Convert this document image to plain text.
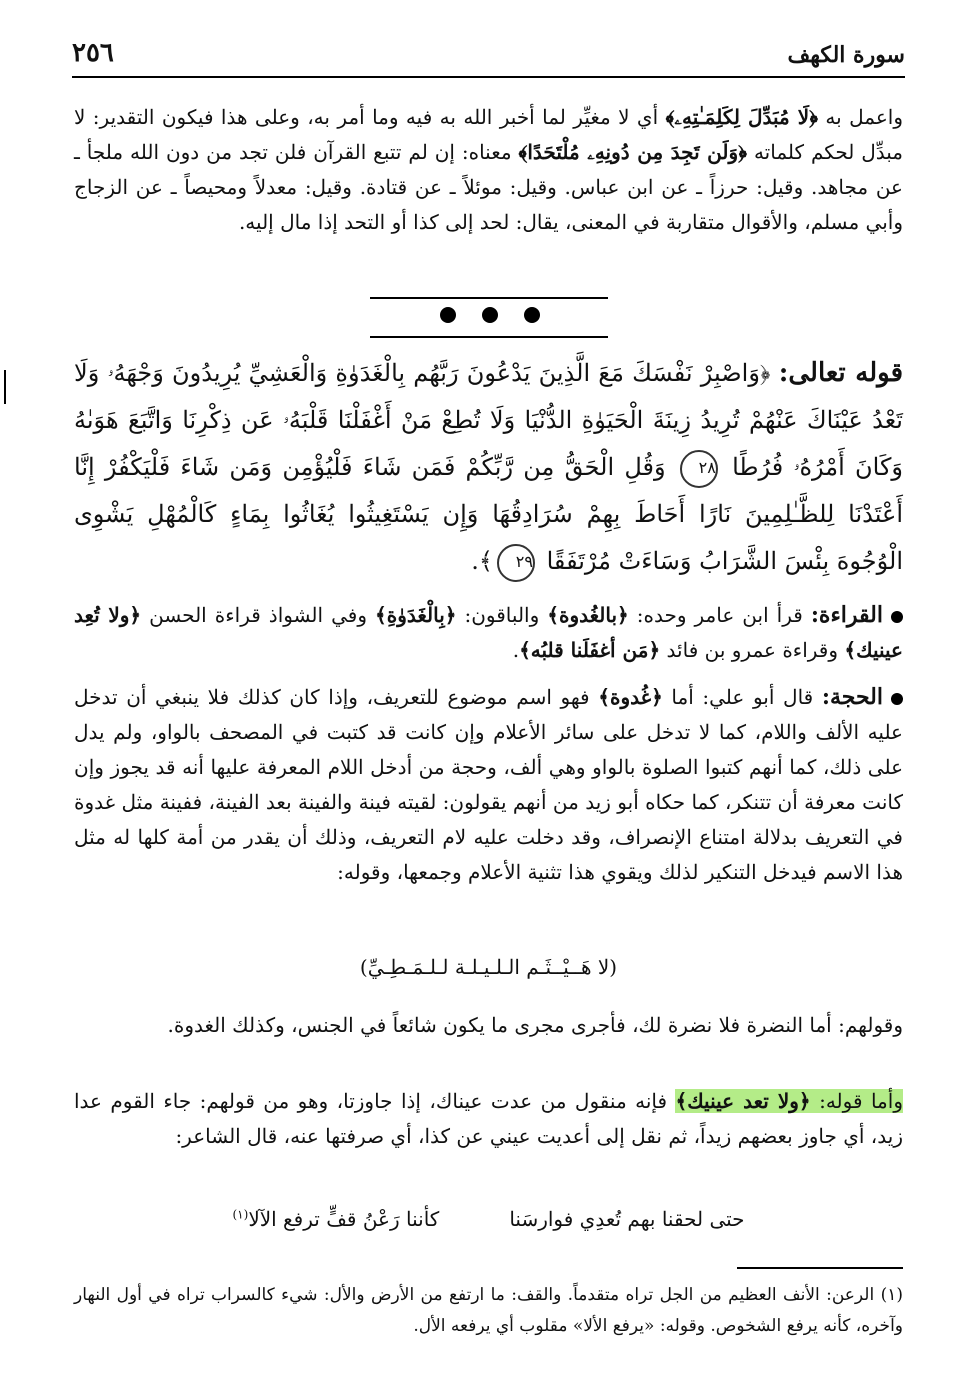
سورة الكهف
٢٥٦
واعمل به ﴿لَا مُبَدِّلَ لِكَلِمَـٰتِهِۦ﴾ أي لا مغيِّر لما أخبر الله به فيه وما أمر به، وعلى هذا فيكون التقدير: لا مبدِّل لحكم كلماته ﴿وَلَن تَجِدَ مِن دُونِهِۦ مُلْتَحَدًا﴾ معناه: إن لم تتبع القرآن فلن تجد من دون الله ملجأ ـ عن مجاهد. وقيل: حرزاً ـ عن ابن عباس. وقيل: موئلاً ـ عن قتادة. وقيل: معدلاً ومحيصاً ـ عن الزجاج وأبي مسلم، والأقوال متقاربة في المعنى، يقال: لحد إلى كذا أو التحد إذا مال إليه.
قوله تعالى: ﴿وَاصْبِرْ نَفْسَكَ مَعَ الَّذِينَ يَدْعُونَ رَبَّهُم بِالْغَدَوٰةِ وَالْعَشِيِّ يُرِيدُونَ وَجْهَهُۥ وَلَا تَعْدُ عَيْنَاكَ عَنْهُمْ تُرِيدُ زِينَةَ الْحَيَوٰةِ الدُّنْيَا وَلَا تُطِعْ مَنْ أَغْفَلْنَا قَلْبَهُۥ عَن ذِكْرِنَا وَاتَّبَعَ هَوَىٰهُ وَكَانَ أَمْرُهُۥ فُرُطًا ٢٨ وَقُلِ الْحَقُّ مِن رَّبِّكُمْ فَمَن شَاءَ فَلْيُؤْمِن وَمَن شَاءَ فَلْيَكْفُرْ إِنَّا أَعْتَدْنَا لِلظَّـٰلِمِينَ نَارًا أَحَاطَ بِهِمْ سُرَادِقُهَا وَإِن يَسْتَغِيثُوا يُغَاثُوا بِمَاءٍ كَالْمُهْلِ يَشْوِى الْوُجُوهَ بِئْسَ الشَّرَابُ وَسَاءَتْ مُرْتَفَقًا ٢٩﴾.
القراءة: قرأ ابن عامر وحده: ﴿بالغُدوة﴾ والباقون: ﴿بِالْغَدَوٰةِ﴾ وفي الشواذ قراءة الحسن ﴿ولا تُعِد عينيك﴾ وقراءة عمرو بن فائد ﴿مَن أغفَلَنا قلبُه﴾.
الحجة: قال أبو علي: أما ﴿غُدوة﴾ فهو اسم موضوع للتعريف، وإذا كان كذلك فلا ينبغي أن تدخل عليه الألف واللام، كما لا تدخل على سائر الأعلام وإن كانت قد كتبت في المصحف بالواو، ولم يدل على ذلك، كما أنهم كتبوا الصلوة بالواو وهي ألف، وحجة من أدخل اللام المعرفة عليها أنه قد يجوز وإن كانت معرفة أن تتنكر، كما حكاه أبو زيد من أنهم يقولون: لقيته فينة والفينة بعد الفينة، ففينة مثل غدوة في التعريف بدلالة امتناع الإنصراف، وقد دخلت عليه لام التعريف، وذلك أن يقدر من أمة كلها له مثل هذا الاسم فيدخل التنكير لذلك ويقوي هذا تثنية الأعلام وجمعها، وقوله:
(لا هَــيْــثَـم الـلـيـلـة لـلـمَـطِـيِّ)
وقولهم: أما النضرة فلا نضرة لك، فأجرى مجرى ما يكون شائعاً في الجنس، وكذلك الغدوة.
وأما قوله: ﴿ولا تعد عينيك﴾ فإنه منقول من عدت عيناك، إذا جاوزتا، وهو من قولهم: جاء القوم عدا زيد، أي جاوز بعضهم زيداً، ثم نقل إلى أعديت عيني عن كذا، أي صرفتها عنه، قال الشاعر:
حتى لحقنا بهم تُعدِي فوارسَنا
كأننا رَعْنُ قفٍّ ترفع الآلا$^{(١)}$
(١) الرعن: الأنف العظيم من الجل تراه متقدماً. والقف: ما ارتفع من الأرض والأل: شيء كالسراب تراه في أول النهار وآخره، كأنه يرفع الشخوص. وقوله: «يرفع الألا» مقلوب أي يرفعه الأل.
